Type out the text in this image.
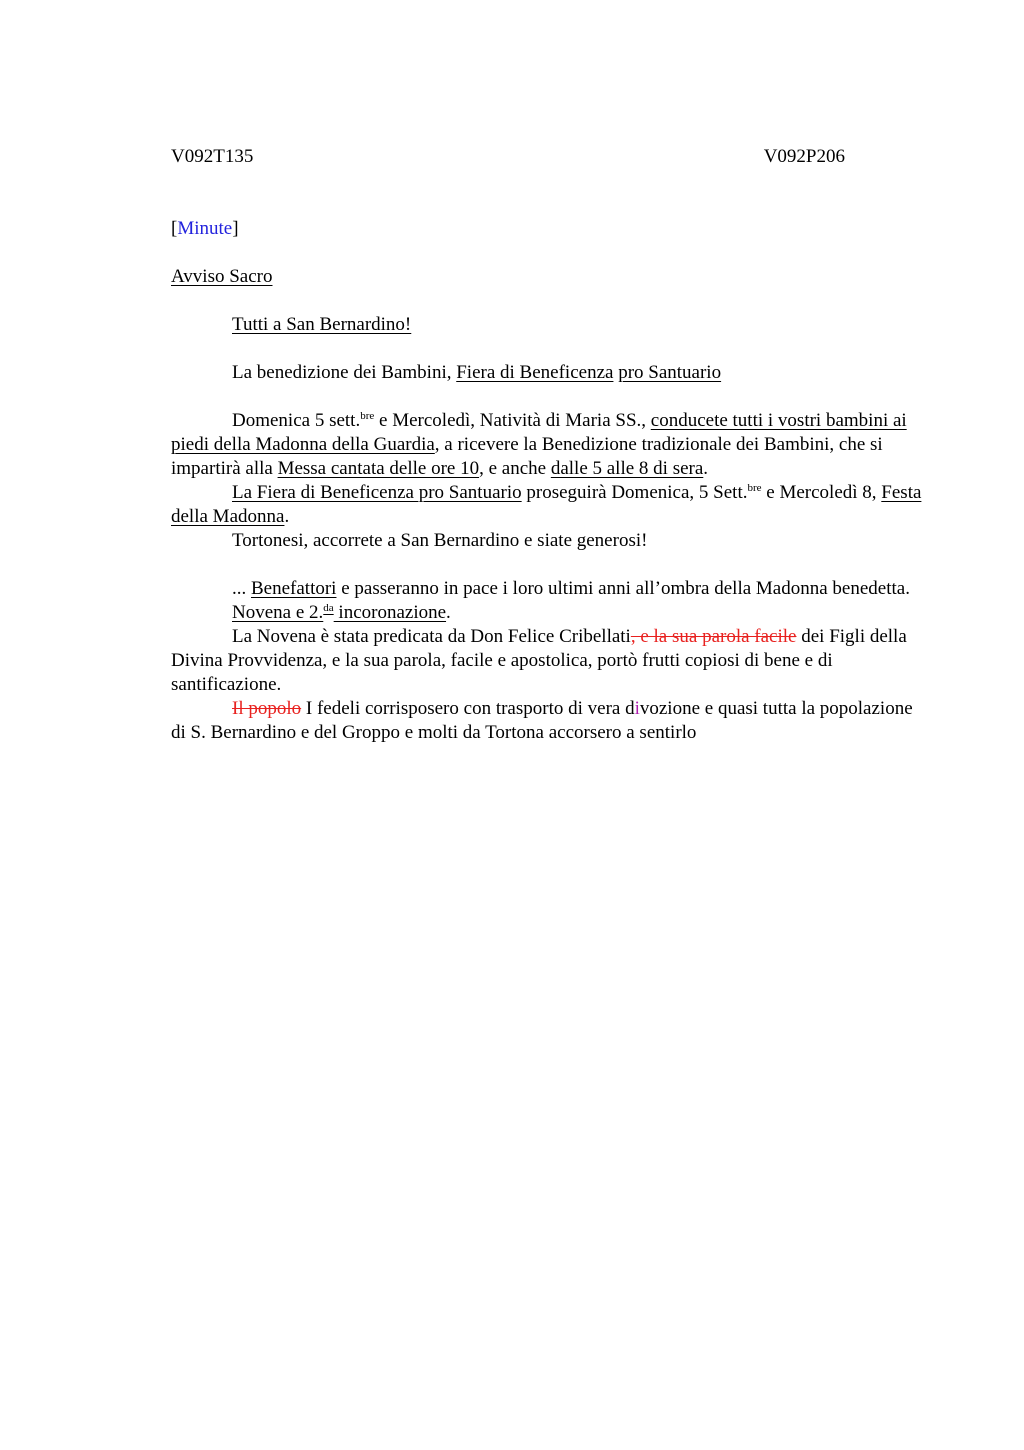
V092T135	V092P206

[Minute]

Avviso Sacro

Tutti a San Bernardino!

La benedizione dei Bambini, Fiera di Beneficenza pro Santuario

Domenica 5 sett.$^{bre}$ e Mercoledì, Natività di Maria SS., conducete tutti i vostri bambini ai piedi della Madonna della Guardia, a ricevere la Benedizione tradizionale dei Bambini, che si impartirà alla Messa cantata delle ore 10, e anche dalle 5 alle 8 di sera.

La Fiera di Beneficenza pro Santuario proseguirà Domenica, 5 Sett.$^{bre}$ e Mercoledì 8, Festa della Madonna.

Tortonesi, accorrete a San Bernardino e siate generosi!

... Benefattori e passeranno in pace i loro ultimi anni all’ombra della Madonna benedetta.

Novena e 2.$^{da}$ incoronazione.

La Novena è stata predicata da Don Felice Cribellati, e la sua parola facile dei Figli della Divina Provvidenza, e la sua parola, facile e apostolica, portò frutti copiosi di bene e di santificazione.

Il popolo I fedeli corrisposero con trasporto di vera divozione e quasi tutta la popolazione di S. Bernardino e del Groppo e molti da Tortona accorsero a sentirlo
